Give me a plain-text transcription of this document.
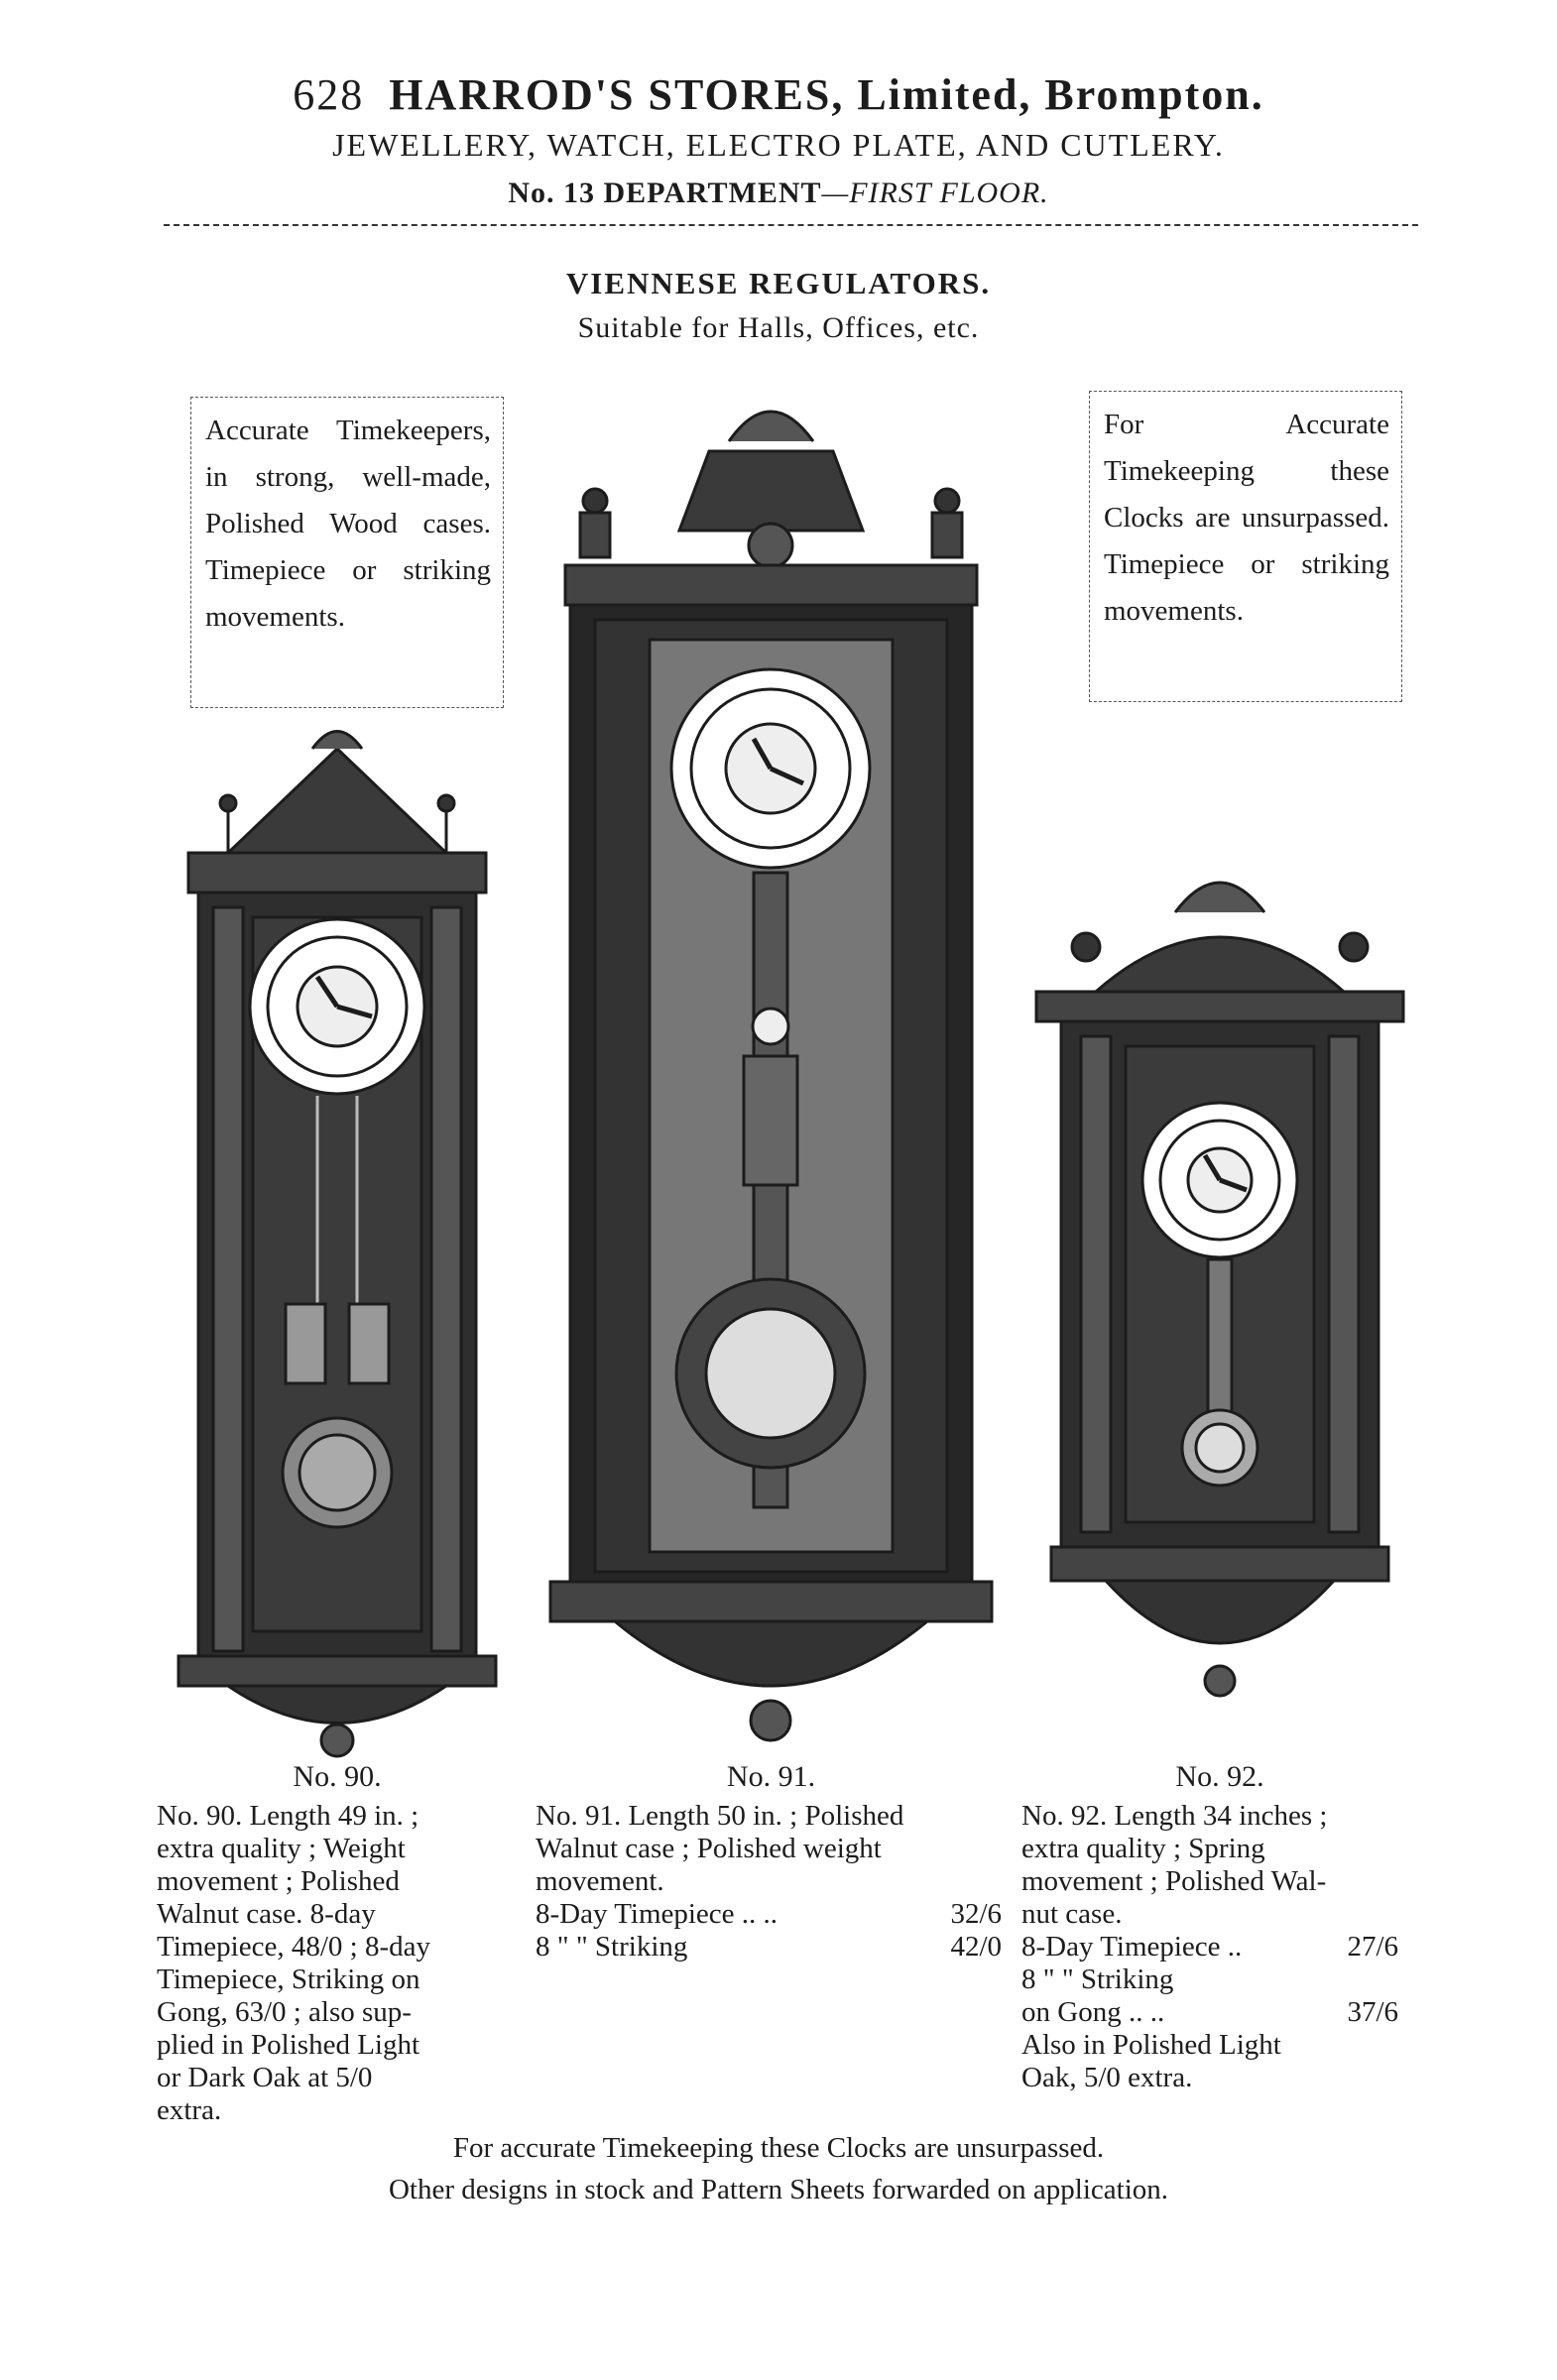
628 HARROD'S STORES, Limited, Brompton.
JEWELLERY, WATCH, ELECTRO PLATE, AND CUTLERY.
No. 13 DEPARTMENT—FIRST FLOOR.
VIENNESE REGULATORS.
Suitable for Halls, Offices, etc.
Accurate Timekeepers, in strong, well-made, Polished Wood cases. Timepiece or striking movements.
For Accurate Timekeeping these Clocks are unsurpassed. Timepiece or striking movements.
No. 90.	No. 91.	No. 92.
No. 90. Length 49 in. ;
extra quality ; Weight
movement ; Polished
Walnut case. 8-day
Timepiece, 48/0 ; 8-day
Timepiece, Striking on
Gong, 63/0 ; also sup-
plied in Polished Light
or Dark Oak at 5/0
extra.
No. 91. Length 50 in. ; Polished
Walnut case ; Polished weight
movement.
8-Day Timepiece .. ..	32/6
8 " " Striking	42/0
No. 92. Length 34 inches ;
extra quality ; Spring
movement ; Polished Wal-
nut case.
8-Day Timepiece ..	27/6
8 " " Striking
on Gong .. ..	37/6
Also in Polished Light
Oak, 5/0 extra.
For accurate Timekeeping these Clocks are unsurpassed.
Other designs in stock and Pattern Sheets forwarded on application.
